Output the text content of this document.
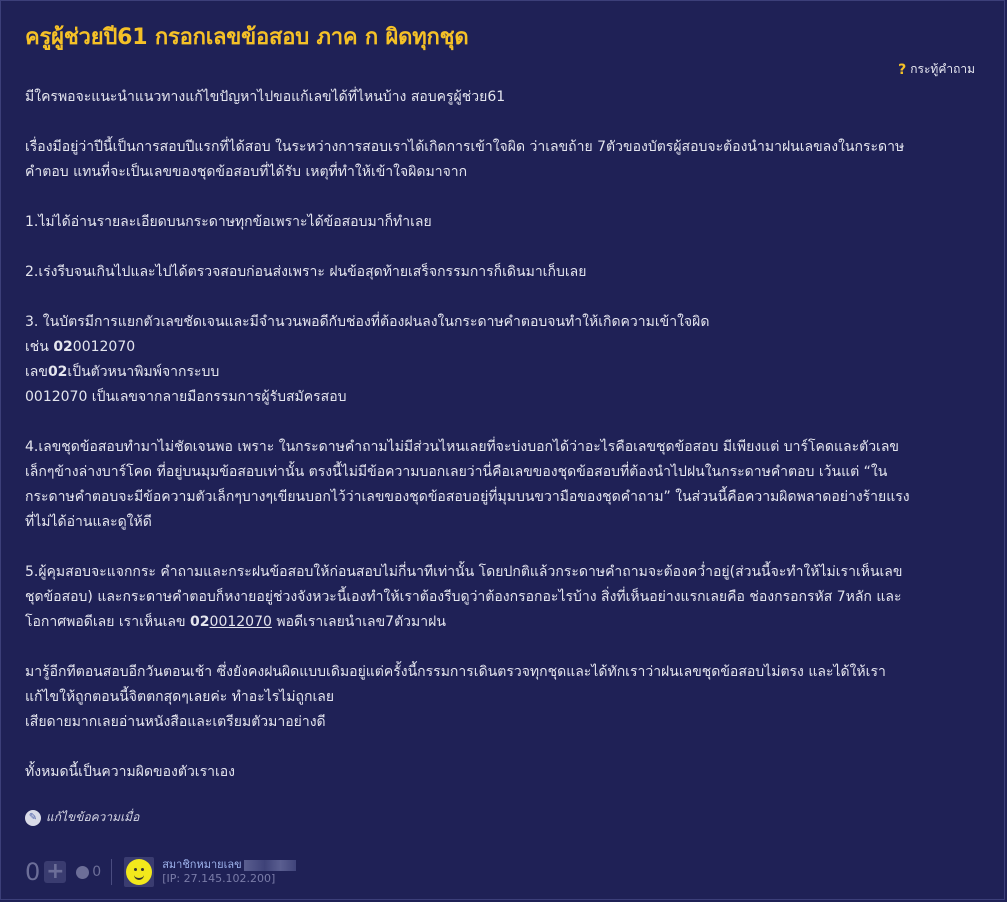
ครูผู้ช่วยปี61 กรอกเลขข้อสอบ ภาค ก ผิดทุกชุด
? กระทู้คำถาม

มีใครพอจะแนะนำแนวทางแก้ไขปัญหาไปขอแก้เลขได้ที่ไหนบ้าง สอบครูผู้ช่วย61

เรื่องมีอยู่ว่าปีนี้เป็นการสอบปีแรกที่ได้สอบ ในระหว่างการสอบเราได้เกิดการเข้าใจผิด ว่าเลขถ้าย 7ตัวของบัตรผู้สอบจะต้องนำมาฝนเลขลงในกระดาษ

คำตอบ แทนที่จะเป็นเลขของชุดข้อสอบที่ได้รับ เหตุที่ทำให้เข้าใจผิดมาจาก

1.ไม่ได้อ่านรายละเอียดบนกระดาษทุกข้อเพราะได้ข้อสอบมาก็ทำเลย

2.เร่งรีบจนเกินไปและไปได้ตรวจสอบก่อนส่งเพราะ ฝนข้อสุดท้ายเสร็จกรรมการก็เดินมาเก็บเลย

3. ในบัตรมีการแยกตัวเลขชัดเจนและมีจำนวนพอดีกับช่องที่ต้องฝนลงในกระดาษคำตอบจนทำให้เกิดความเข้าใจผิด

เช่น 020012070

เลข02เป็นตัวหนาพิมพ์จากระบบ

0012070 เป็นเลขจากลายมือกรรมการผู้รับสมัครสอบ

4.เลขชุดข้อสอบทำมาไม่ชัดเจนพอ เพราะ ในกระดาษคำถามไม่มีส่วนไหนเลยที่จะบ่งบอกได้ว่าอะไรคือเลขชุดข้อสอบ มีเพียงแต่ บาร์โคดและตัวเลข

เล็กๆข้างล่างบาร์โคด ที่อยู่บนมุมข้อสอบเท่านั้น ตรงนี้ไม่มีข้อความบอกเลยว่านี่คือเลขของชุดข้อสอบที่ต้องนำไปฝนในกระดาษคำตอบ เว้นแต่ “ใน

กระดาษคำตอบจะมีข้อความตัวเล็กๆบางๆเขียนบอกไว้ว่าเลขของชุดข้อสอบอยู่ที่มุมบนขวามือของชุดคำถาม” ในส่วนนี้คือความผิดพลาดอย่างร้ายแรง

ที่ไม่ได้อ่านและดูให้ดี

5.ผู้คุมสอบจะแจกกระ คำถามและกระฝนข้อสอบให้ก่อนสอบไม่กี่นาทีเท่านั้น โดยปกติแล้วกระดาษคำถามจะต้องคว่ำอยู่(ส่วนนี้จะทำให้ไม่เราเห็นเลข

ชุดข้อสอบ) และกระดาษคำตอบก็หงายอยู่ช่วงจังหวะนี้เองทำให้เราต้องรีบดูว่าต้องกรอกอะไรบ้าง สิ่งที่เห็นอย่างแรกเลยคือ ช่องกรอกรหัส 7หลัก และ

โอกาศพอดีเลย เราเห็นเลข 020012070 พอดีเราเลยนำเลข7ตัวมาฝน

มารู้อีกทีตอนสอบอีกวันตอนเช้า ซึ่งยังคงฝนผิดแบบเดิมอยู่แต่ครั้งนี้กรรมการเดินตรวจทุกชุดและได้ทักเราว่าฝนเลขชุดข้อสอบไม่ตรง และได้ให้เรา

แก้ไขให้ถูกตอนนี้จิตตกสุดๆเลยค่ะ ทำอะไรไม่ถูกเลย

เสียดายมากเลยอ่านหนังสือและเตรียมตัวมาอย่างดี

ทั้งหมดนี้เป็นความผิดของตัวเราเอง

✎ แก้ไขข้อความเมื่อ
0 + 0	สมาชิกหมายเลข
[IP: 27.145.102.200]
